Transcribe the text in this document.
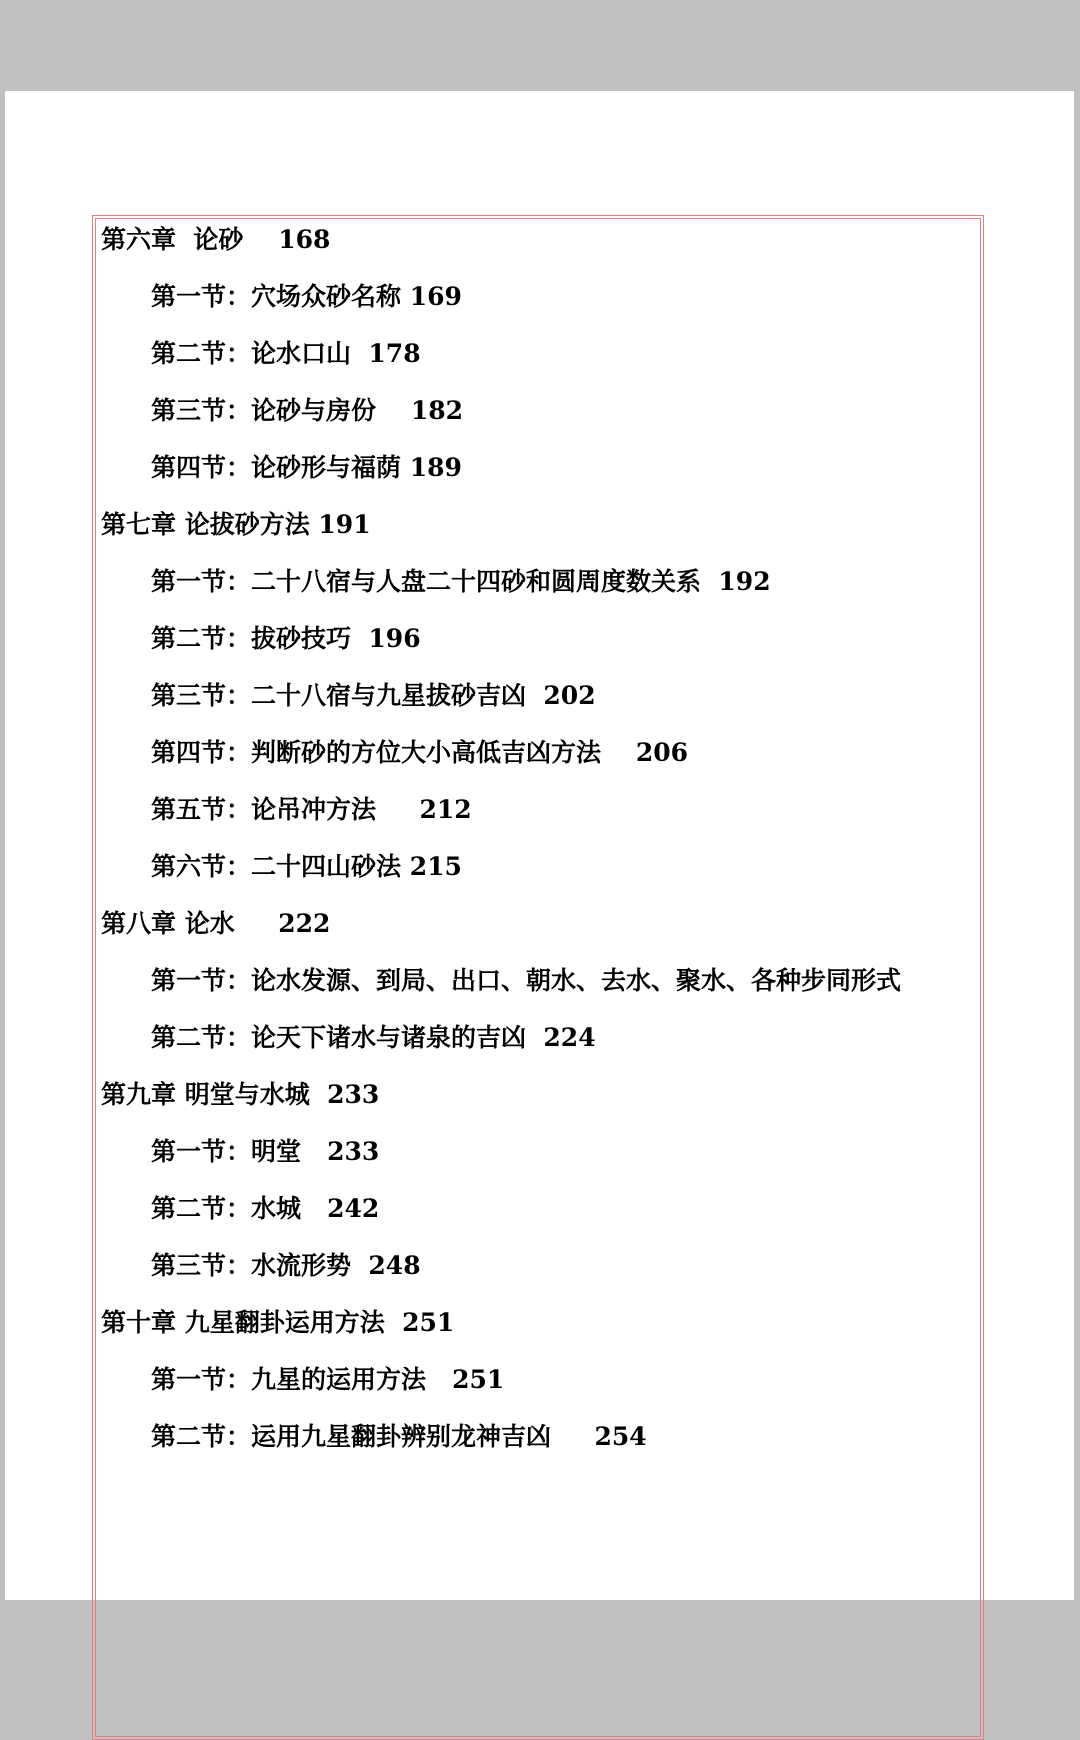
第六章  论砂    168
第一节：穴场众砂名称 169
第二节：论水口山  178
第三节：论砂与房份    182
第四节：论砂形与福荫 189
第七章 论拔砂方法 191
第一节：二十八宿与人盘二十四砂和圆周度数关系  192
第二节：拔砂技巧  196
第三节：二十八宿与九星拔砂吉凶  202
第四节：判断砂的方位大小高低吉凶方法    206
第五节：论吊冲方法     212
第六节：二十四山砂法 215
第八章 论水     222
第一节：论水发源、到局、出口、朝水、去水、聚水、各种步同形式
第二节：论天下诸水与诸泉的吉凶  224
第九章 明堂与水城  233
第一节：明堂   233
第二节：水城   242
第三节：水流形势  248
第十章 九星翻卦运用方法  251
第一节：九星的运用方法   251
第二节：运用九星翻卦辨别龙神吉凶     254
